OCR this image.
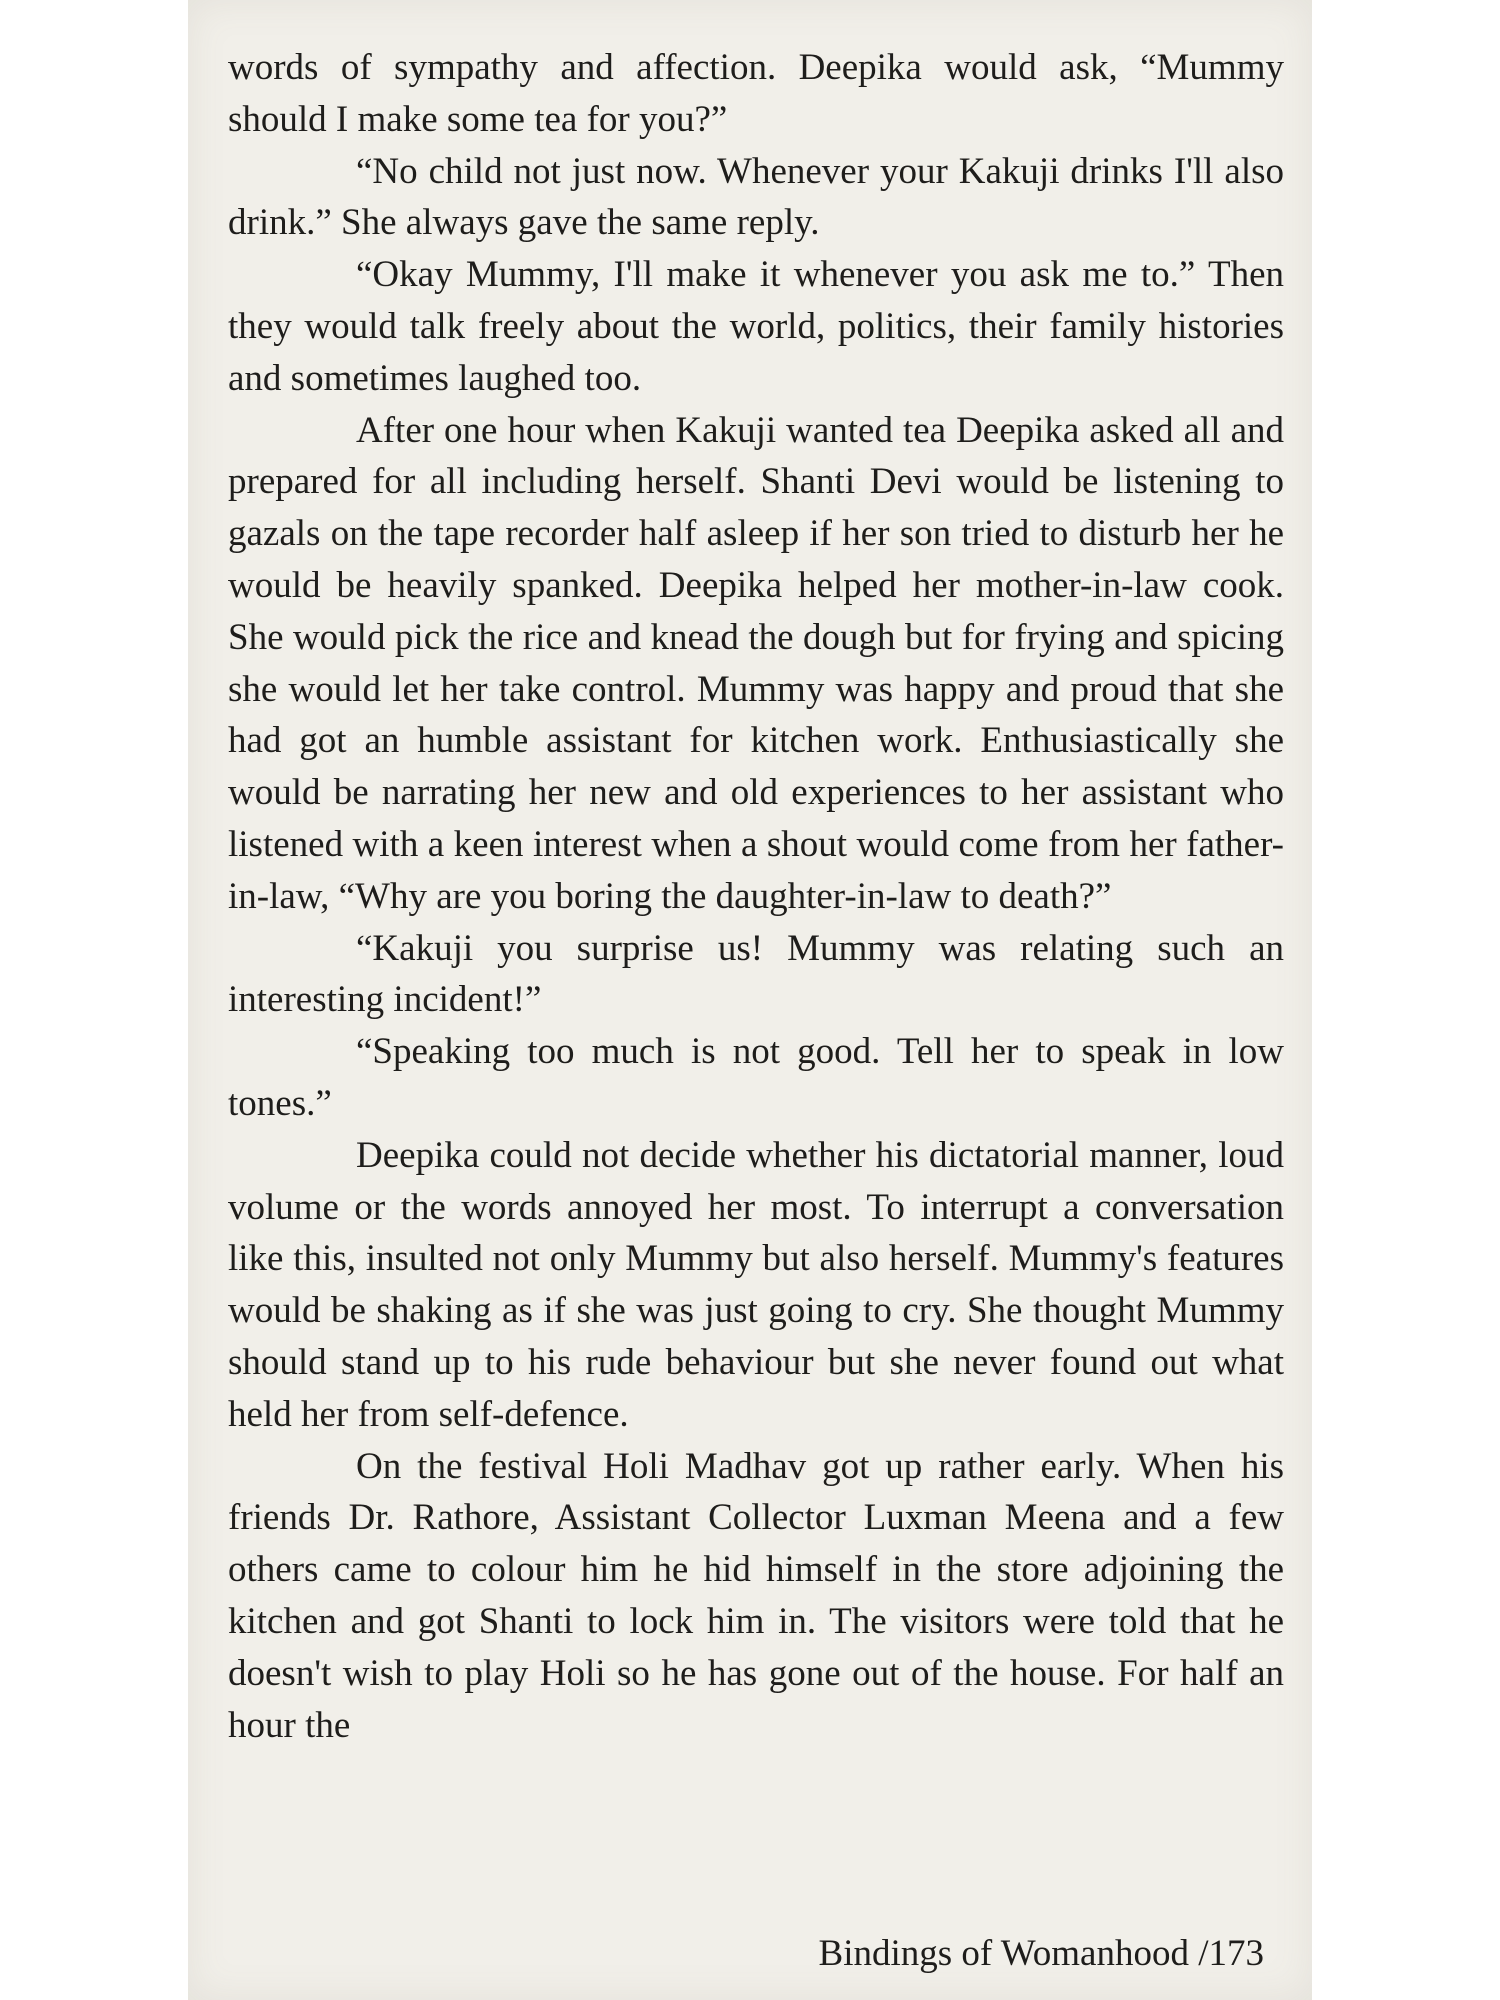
words of sympathy and affection. Deepika would ask, “Mummy should I make some tea for you?”

“No child not just now. Whenever your Kakuji drinks I'll also drink.” She always gave the same reply.

“Okay Mummy, I'll make it whenever you ask me to.” Then they would talk freely about the world, politics, their family histories and sometimes laughed too.

After one hour when Kakuji wanted tea Deepika asked all and prepared for all including herself. Shanti Devi would be listening to gazals on the tape recorder half asleep if her son tried to disturb her he would be heavily spanked. Deepika helped her mother-in-law cook. She would pick the rice and knead the dough but for frying and spicing she would let her take control. Mummy was happy and proud that she had got an humble assistant for kitchen work. Enthusiastically she would be narrating her new and old experiences to her assistant who listened with a keen interest when a shout would come from her father-in-law, “Why are you boring the daughter-in-law to death?”

“Kakuji you surprise us! Mummy was relating such an interesting incident!”

“Speaking too much is not good. Tell her to speak in low tones.”

Deepika could not decide whether his dictatorial manner, loud volume or the words annoyed her most. To interrupt a conversation like this, insulted not only Mummy but also herself. Mummy's features would be shaking as if she was just going to cry. She thought Mummy should stand up to his rude behaviour but she never found out what held her from self-defence.

On the festival Holi Madhav got up rather early. When his friends Dr. Rathore, Assistant Collector Luxman Meena and a few others came to colour him he hid himself in the store adjoining the kitchen and got Shanti to lock him in. The visitors were told that he doesn't wish to play Holi so he has gone out of the house. For half an hour the

Bindings of Womanhood /173
